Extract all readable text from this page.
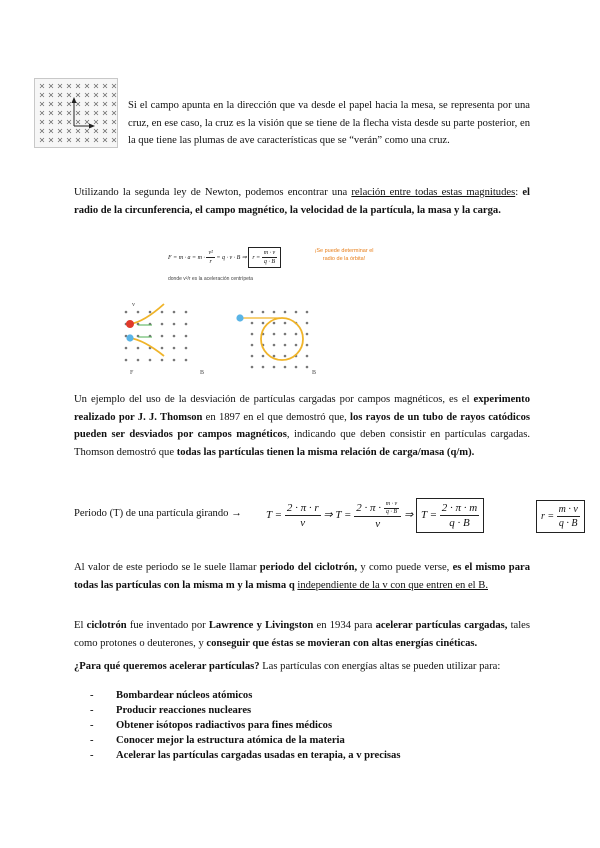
Si el campo apunta en la dirección que va desde el papel hacia la mesa, se representa por una cruz, en ese caso, la cruz es la visión que se tiene de la flecha vista desde su parte posterior, en la que tiene las plumas de ave características que se “verán” como una cruz.
Utilizando la segunda ley de Newton, podemos encontrar una relación entre todas estas magnitudes: el radio de la circunferencia, el campo magnético, la velocidad de la partícula, la masa y la carga.
$F = m \cdot a = m \cdot \frac{\text{v²}}{r} = q \cdot v \cdot B$ ⇒ $r = \frac{m \cdot v}{q \cdot B}$
donde v²/r es la aceleración centrípeta
¡Se puede determinar el radio de la órbita!
v
F	B	B
Un ejemplo del uso de la desviación de partículas cargadas por campos magnéticos, es el experimento realizado por J. J. Thomson en 1897 en el que demostró que, los rayos de un tubo de rayos catódicos pueden ser desviados por campos magnéticos, indicando que deben consistir en partículas cargadas. Thomson demostró que todas las partículas tienen la misma relación de carga/masa (q/m).
Periodo (T) de una partícula girando → $T = \frac{2 \cdot \pi \cdot r}{v}$ ⇒ $T = \frac{2 \cdot \pi \cdot \frac{m \cdot v}{q \cdot B}}{v}$ ⇒ $T = \frac{2 \cdot \pi \cdot m}{q \cdot B}$	$r = \frac{m \cdot v}{q \cdot B}$
Al valor de este periodo se le suele llamar periodo del ciclotrón, y como puede verse, es el mismo para todas las partículas con la misma m y la misma q independiente de la v con que entren en el B.
El ciclotrón fue inventado por Lawrence y Livingston en 1934 para acelerar partículas cargadas, tales como protones o deuterones, y conseguir que éstas se movieran con altas energías cinéticas.
¿Para qué queremos acelerar partículas? Las partículas con energías altas se pueden utilizar para:
- Bombardear núcleos atómicos
- Producir reacciones nucleares
- Obtener isótopos radiactivos para fines médicos
- Conocer mejor la estructura atómica de la materia
- Acelerar las partículas cargadas usadas en terapia, a v precisas
